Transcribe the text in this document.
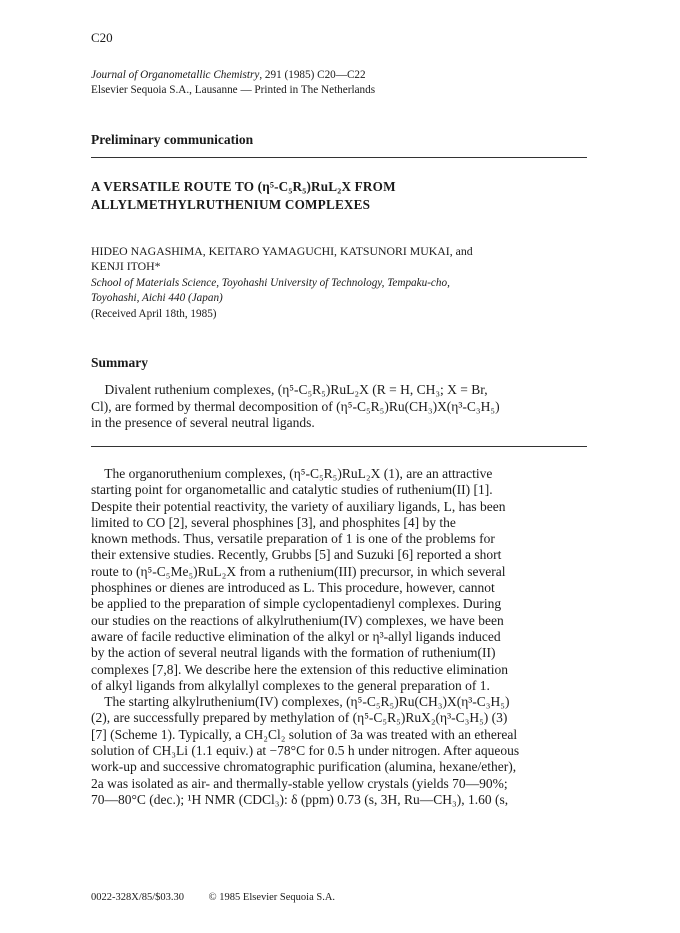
C20
Journal of Organometallic Chemistry, 291 (1985) C20—C22
Elsevier Sequoia S.A., Lausanne — Printed in The Netherlands
Preliminary communication
A VERSATILE ROUTE TO (η⁵-C₅R₅)RuL₂X FROM
ALLYLMETHYLRUTHENIUM COMPLEXES
HIDEO NAGASHIMA, KEITARO YAMAGUCHI, KATSUNORI MUKAI, and
KENJI ITOH*
School of Materials Science, Toyohashi University of Technology, Tempaku-cho,
Toyohashi, Aichi 440 (Japan)
(Received April 18th, 1985)
Summary
Divalent ruthenium complexes, (η⁵-C₅R₅)RuL₂X (R = H, CH₃; X = Br,
Cl), are formed by thermal decomposition of (η⁵-C₅R₅)Ru(CH₃)X(η³-C₃H₅)
in the presence of several neutral ligands.
The organoruthenium complexes, (η⁵-C₅R₅)RuL₂X (1), are an attractive
starting point for organometallic and catalytic studies of ruthenium(II) [1].
Despite their potential reactivity, the variety of auxiliary ligands, L, has been
limited to CO [2], several phosphines [3], and phosphites [4] by the
known methods. Thus, versatile preparation of 1 is one of the problems for
their extensive studies. Recently, Grubbs [5] and Suzuki [6] reported a short
route to (η⁵-C₅Me₅)RuL₂X from a ruthenium(III) precursor, in which several
phosphines or dienes are introduced as L. This procedure, however, cannot
be applied to the preparation of simple cyclopentadienyl complexes. During
our studies on the reactions of alkylruthenium(IV) complexes, we have been
aware of facile reductive elimination of the alkyl or η³-allyl ligands induced
by the action of several neutral ligands with the formation of ruthenium(II)
complexes [7,8]. We describe here the extension of this reductive elimination
of alkyl ligands from alkylallyl complexes to the general preparation of 1.
The starting alkylruthenium(IV) complexes, (η⁵-C₅R₅)Ru(CH₃)X(η³-C₃H₅)
(2), are successfully prepared by methylation of (η⁵-C₅R₅)RuX₂(η³-C₃H₅) (3)
[7] (Scheme 1). Typically, a CH₂Cl₂ solution of 3a was treated with an ethereal
solution of CH₃Li (1.1 equiv.) at −78°C for 0.5 h under nitrogen. After aqueous
work-up and successive chromatographic purification (alumina, hexane/ether),
2a was isolated as air- and thermally-stable yellow crystals (yields 70—90%;
70—80°C (dec.); ¹H NMR (CDCl₃): δ (ppm) 0.73 (s, 3H, Ru—CH₃), 1.60 (s,
0022-328X/85/$03.30 © 1985 Elsevier Sequoia S.A.
